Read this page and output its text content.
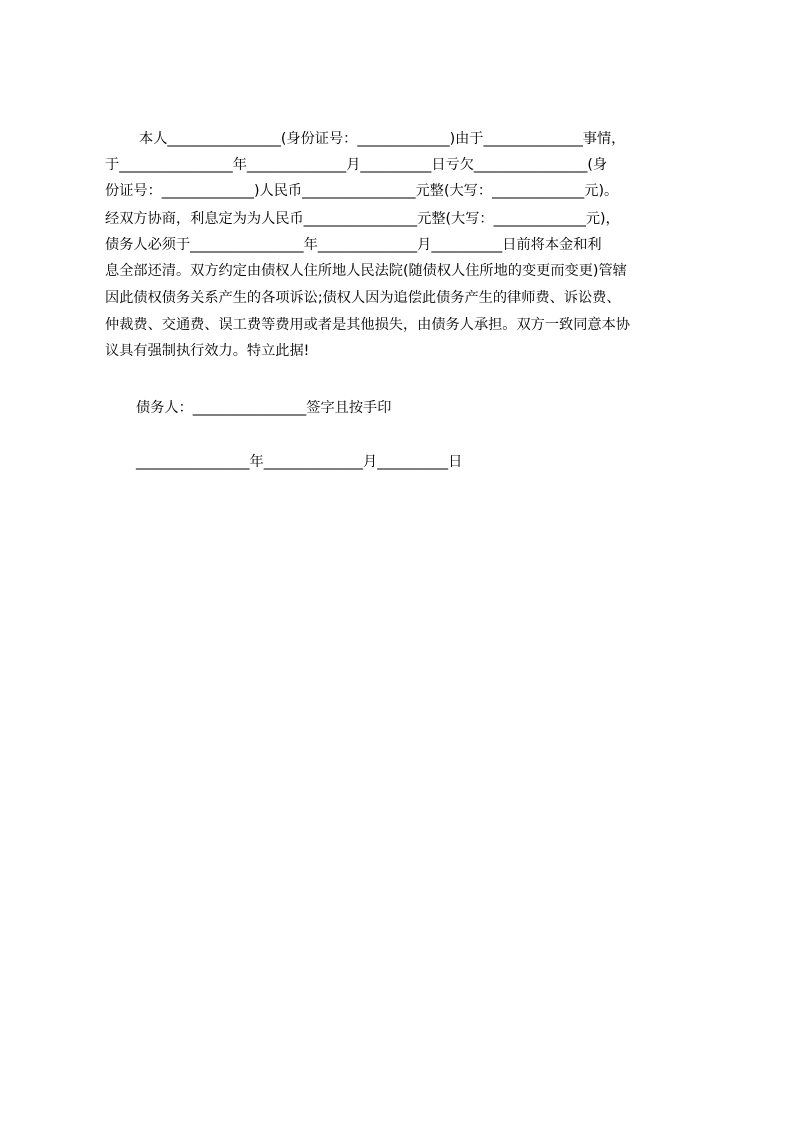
本人________________(身份证号：_____________)由于______________事情，
于________________年______________月__________日亏欠________________(身
份证号：_____________)人民币________________元整(大写：_____________元)。
经双方协商，利息定为为人民币________________元整(大写：_____________元)，
债务人必须于________________年______________月__________日前将本金和利
息全部还清。双方约定由债权人住所地人民法院(随债权人住所地的变更而变更)管辖
因此债权债务关系产生的各项诉讼;债权人因为追偿此债务产生的律师费、诉讼费、
仲裁费、交通费、误工费等费用或者是其他损失，由债务人承担。双方一致同意本协
议具有强制执行效力。特立此据!
债务人：________________签字且按手印
________________年______________月__________日
